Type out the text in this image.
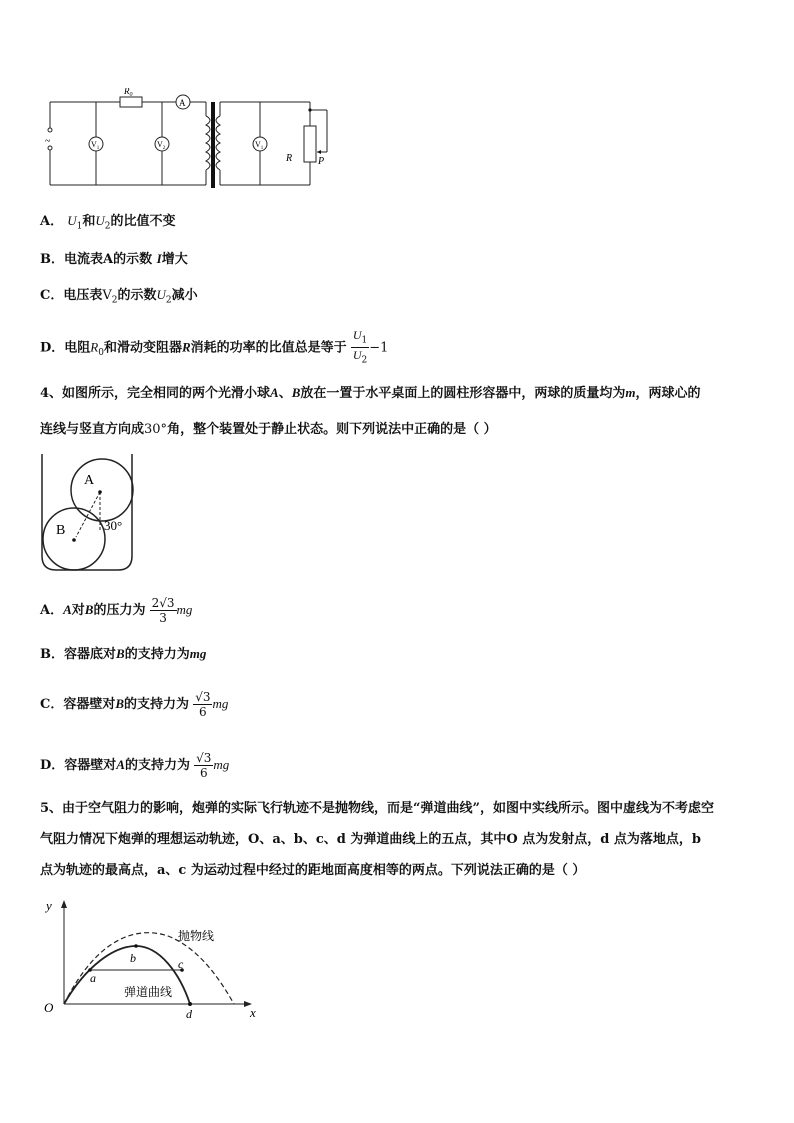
$R_0$
A
$V_1$	$V_2$	$V_1$
R	P
~
A． $U_1$和$U_2$的比值不变
B．电流表A的示数 I增大
C．电压表$V_2$的示数$U_2$减小
D．电阻$R_0$和滑动变阻器R消耗的功率的比值总是等于 $\frac{U_1}{U_2} -1$
4、如图所示，完全相同的两个光滑小球A、B放在一置于水平桌面上的圆柱形容器中，两球的质量均为m，两球心的
连线与竖直方向成30°角，整个装置处于静止状态。则下列说法中正确的是（ ）
A
B	30°
A．A对B的压力为 $\frac{2√3}{3}$ mg
B．容器底对B的支持力为mg
C．容器壁对B的支持力为 $\frac{√3}{6}$ mg
D．容器壁对A的支持力为 $\frac{√3}{6}$ mg
5、由于空气阻力的影响，炮弹的实际飞行轨迹不是抛物线，而是“弹道曲线”，如图中实线所示。图中虚线为不考虑空
气阻力情况下炮弹的理想运动轨迹，O、a、b、c、d 为弹道曲线上的五点，其中O 点为发射点，d 点为落地点，b
点为轨迹的最高点，a、c 为运动过程中经过的距地面高度相等的两点。下列说法正确的是（ ）
y
x
O
a
b	c
d
抛物线
弹道曲线
